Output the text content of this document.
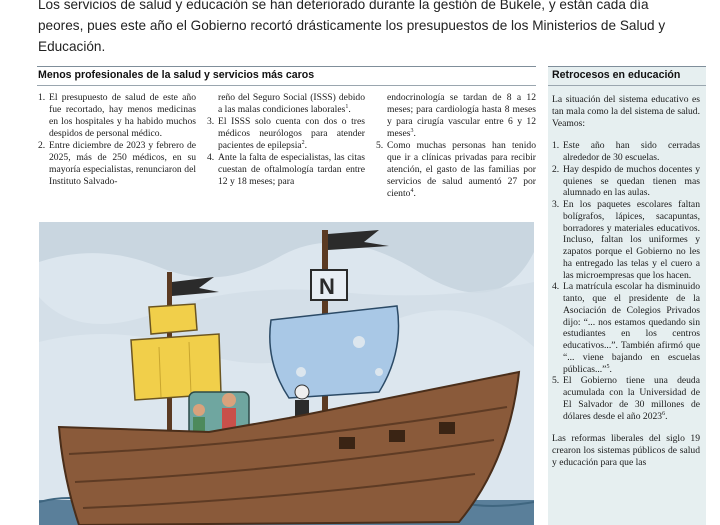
Los servicios de salud y educación se han deteriorado durante la gestión de Bukele, y están cada día peores, pues este año el Gobierno recortó drásticamente los presupuestos de los Ministerios de Salud y Educación.

Menos profesionales de la salud y servicios más caros	Retrocesos en educación
1. El presupuesto de salud de este año fue recortado, hay menos medicinas en los hospitales y ha habido muchos despidos de personal médico.
2. Entre diciembre de 2023 y febrero de 2025, más de 250 médicos, en su mayoría especialistas, renunciaron del Instituto Salvado-
reño del Seguro Social (ISSS) debido a las malas condiciones laborales$^1$.
3. El ISSS solo cuenta con dos o tres médicos neurólogos para atender pacientes de epilepsia$^2$.
4. Ante la falta de especialistas, las citas cuestan de oftalmología tardan entre 12 y 18 meses; para
endocrinología se tardan de 8 a 12 meses; para cardiología hasta 8 meses y para cirugía vascular entre 6 y 12 meses$^3$.
5. Como muchas personas han tenido que ir a clínicas privadas para recibir atención, el gasto de las familias por servicios de salud aumentó 27 por ciento$^4$.

La situación del sistema educativo es tan mala como la del sistema de salud. Veamos:

1. Este año han sido cerradas alrededor de 30 escuelas.
2. Hay despido de muchos docentes y quienes se quedan tienen mas alumnado en las aulas.
3. En los paquetes escolares faltan bolígrafos, lápices, sacapuntas, borradores y materiales educativos. Incluso, faltan los uniformes y zapatos porque el Gobierno no les ha entregado las telas y el cuero a las microempresas que los hacen.
4. La matrícula escolar ha disminuido tanto, que el presidente de la Asociación de Colegios Privados dijo: “... nos estamos quedando sin estudiantes en los centros educativos...”. También afirmó que “... viene bajando en escuelas públicas...”$^5$.
5. El Gobierno tiene una deuda acumulada con la Universidad de El Salvador de 30 millones de dólares desde el año 2023$^6$.

Las reformas liberales del siglo 19 crearon los sistemas públicos de salud y educación para que las

N
